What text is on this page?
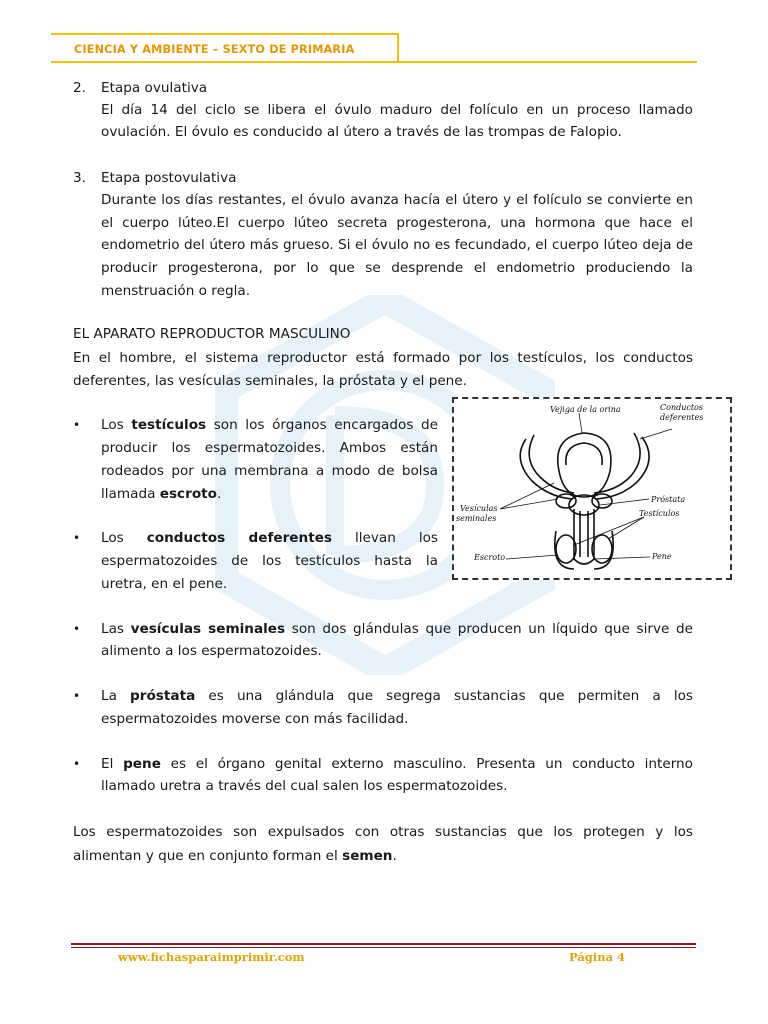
CIENCIA Y AMBIENTE – SEXTO DE PRIMARIA
2. Etapa ovulativa
El día 14 del ciclo se libera el óvulo maduro del folículo en un proceso llamado
ovulación. El óvulo es conducido al útero a través de las trompas de Falopio.
3. Etapa postovulativa
Durante los días restantes, el óvulo avanza hacía el útero y el folículo se convierte en
el cuerpo lúteo.El cuerpo lúteo secreta progesterona, una hormona que hace el
endometrio del útero más grueso. Si el óvulo no es fecundado, el cuerpo lúteo deja de
producir progesterona, por lo que se desprende el endometrio produciendo la
menstruación o regla.
EL APARATO REPRODUCTOR MASCULINO
En el hombre, el sistema reproductor está formado por los testículos, los conductos
deferentes, las vesículas seminales, la próstata y el pene.
• Los testículos son los órganos encargados de
producir los espermatozoides. Ambos están
rodeados por una membrana a modo de bolsa
llamada escroto.
• Los conductos deferentes llevan los
espermatozoides de los testículos hasta la
uretra, en el pene.
• Las vesículas seminales son dos glándulas que producen un líquido que sirve de
alimento a los espermatozoides.
• La próstata es una glándula que segrega sustancias que permiten a los
espermatozoides moverse con más facilidad.
• El pene es el órgano genital externo masculino. Presenta un conducto interno
llamado uretra a través del cual salen los espermatozoides.
Los espermatozoides son expulsados con otras sustancias que los protegen y los
alimentan y que en conjunto forman el semen.
Vejiga de la orina	Conductos
deferentes
Vesículas
seminales
Próstata
Testículos
Escroto	Pene
www.fichasparaimprimir.com	Página 4
